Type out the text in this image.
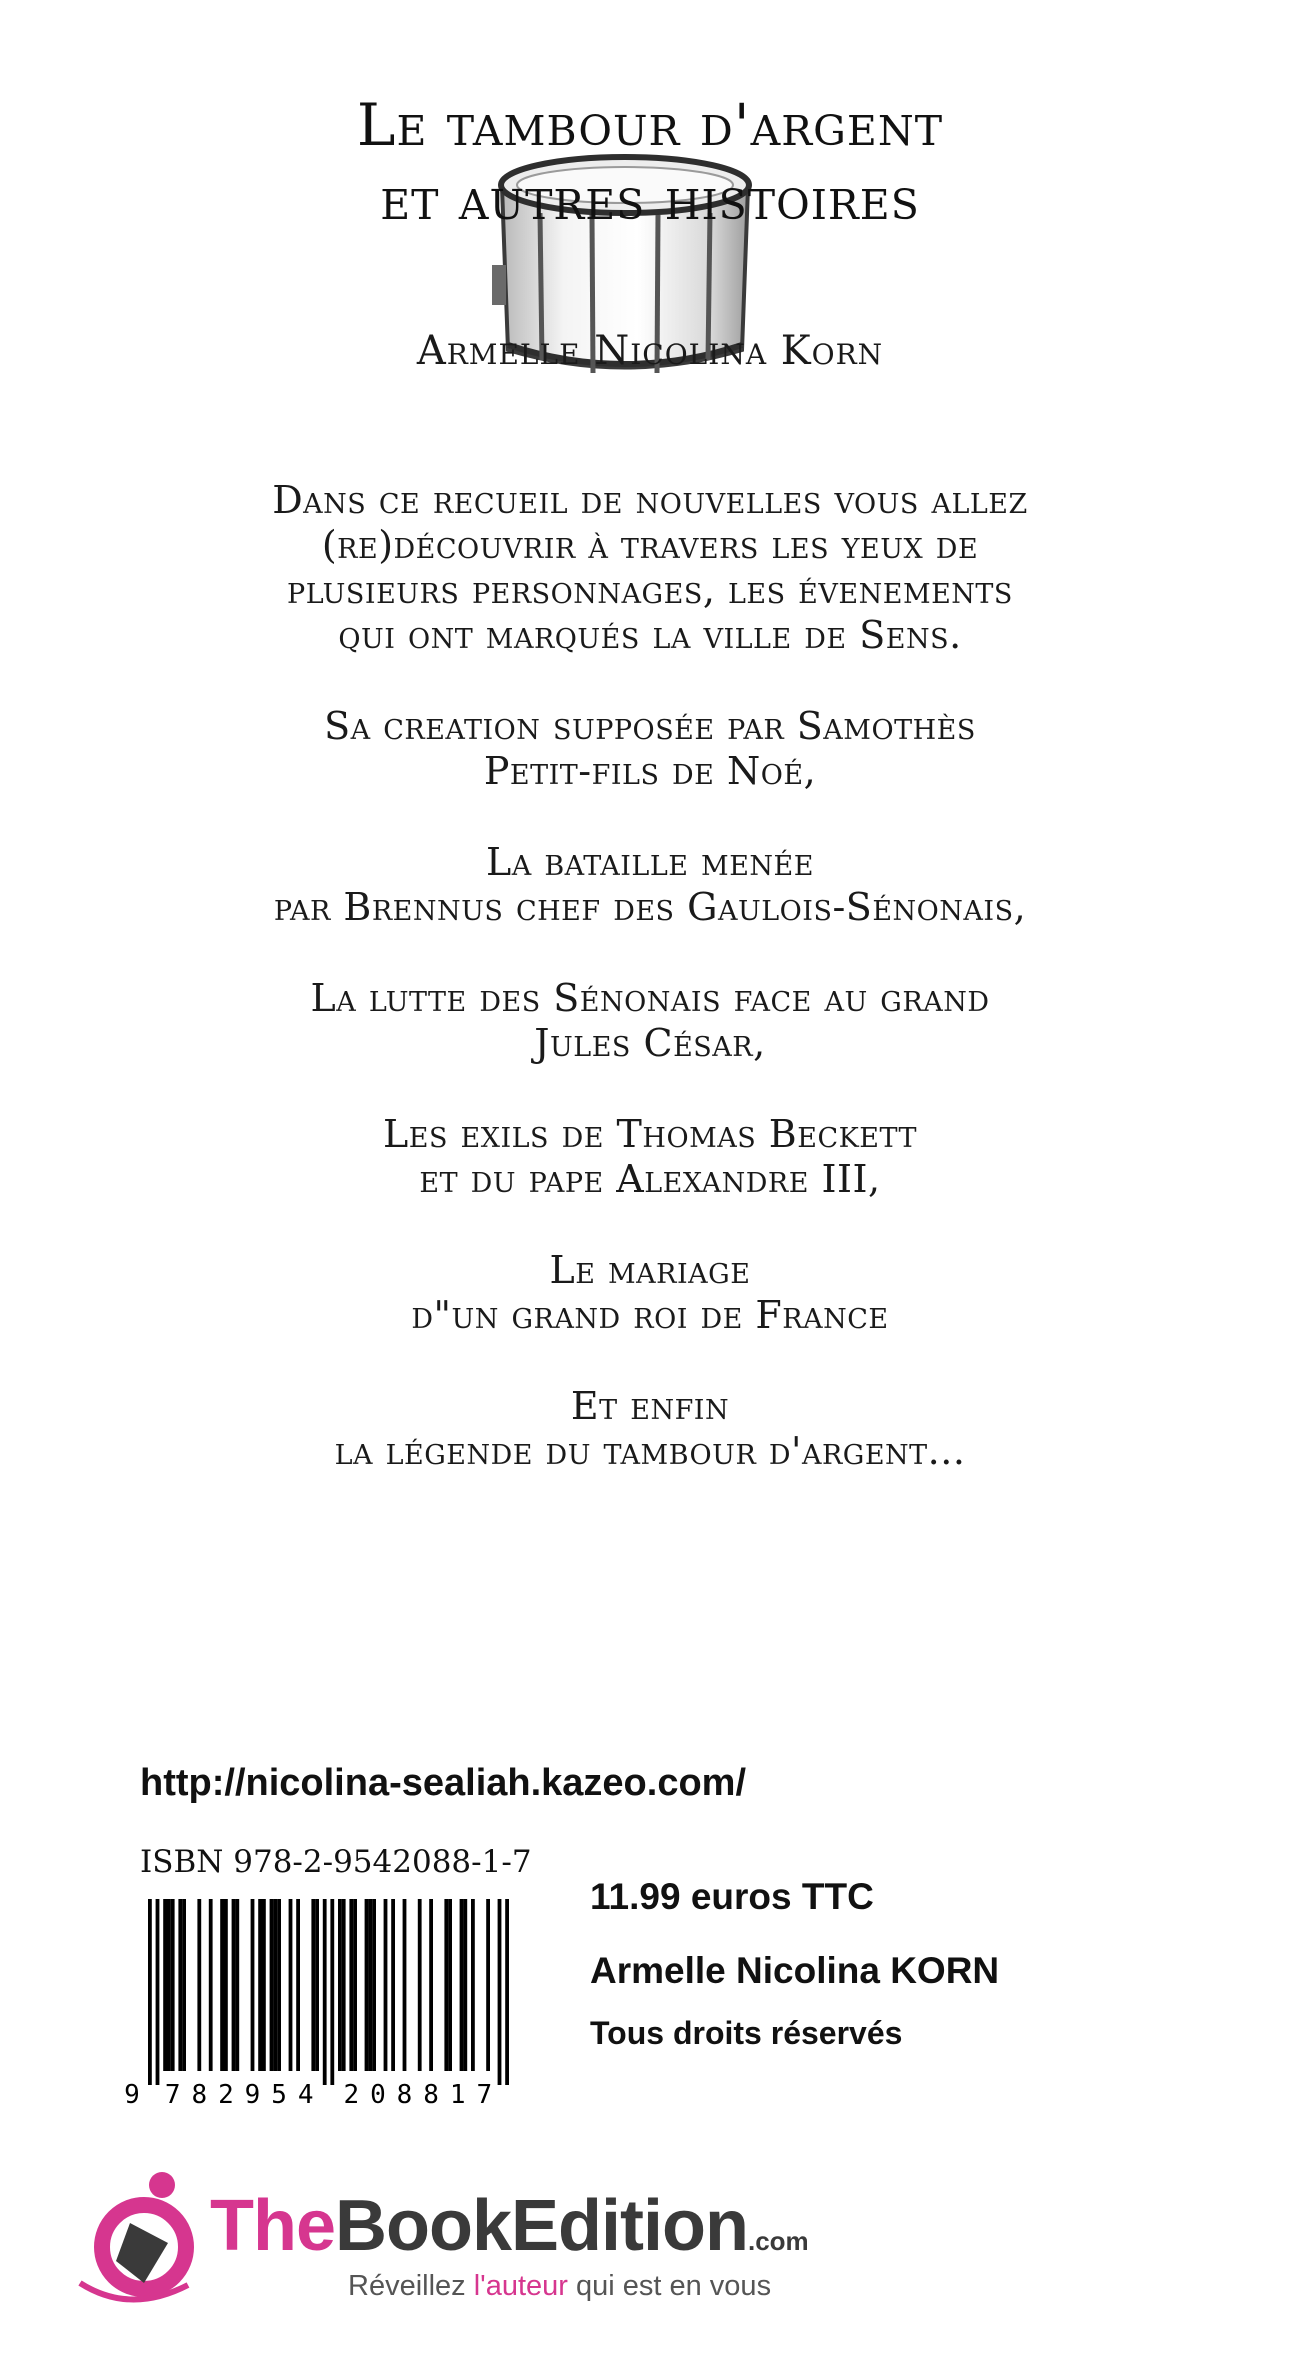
Le tambour d'argent
et autres histoires
Armelle Nicolina Korn

Dans ce recueil de nouvelles vous allez
(re)découvrir à travers les yeux de
plusieurs personnages, les évenements
qui ont marqués la ville de Sens.

Sa creation supposée par Samothès
Petit-fils de Noé,

La bataille menée
par Brennus chef des Gaulois-Sénonais,

La lutte des Sénonais face au grand
Jules César,

Les exils de Thomas Beckett
et du pape Alexandre III,

Le mariage
d"un grand roi de France

Et enfin
la légende du tambour d'argent...

http://nicolina-sealiah.kazeo.com/
ISBN 978-2-9542088-1-7
9 7 8 2 9 5 4 2 0 8 8 1 7
11.99 euros TTC
Armelle Nicolina KORN
Tous droits réservés
TheBookEdition.com
Réveillez l'auteur qui est en vous
